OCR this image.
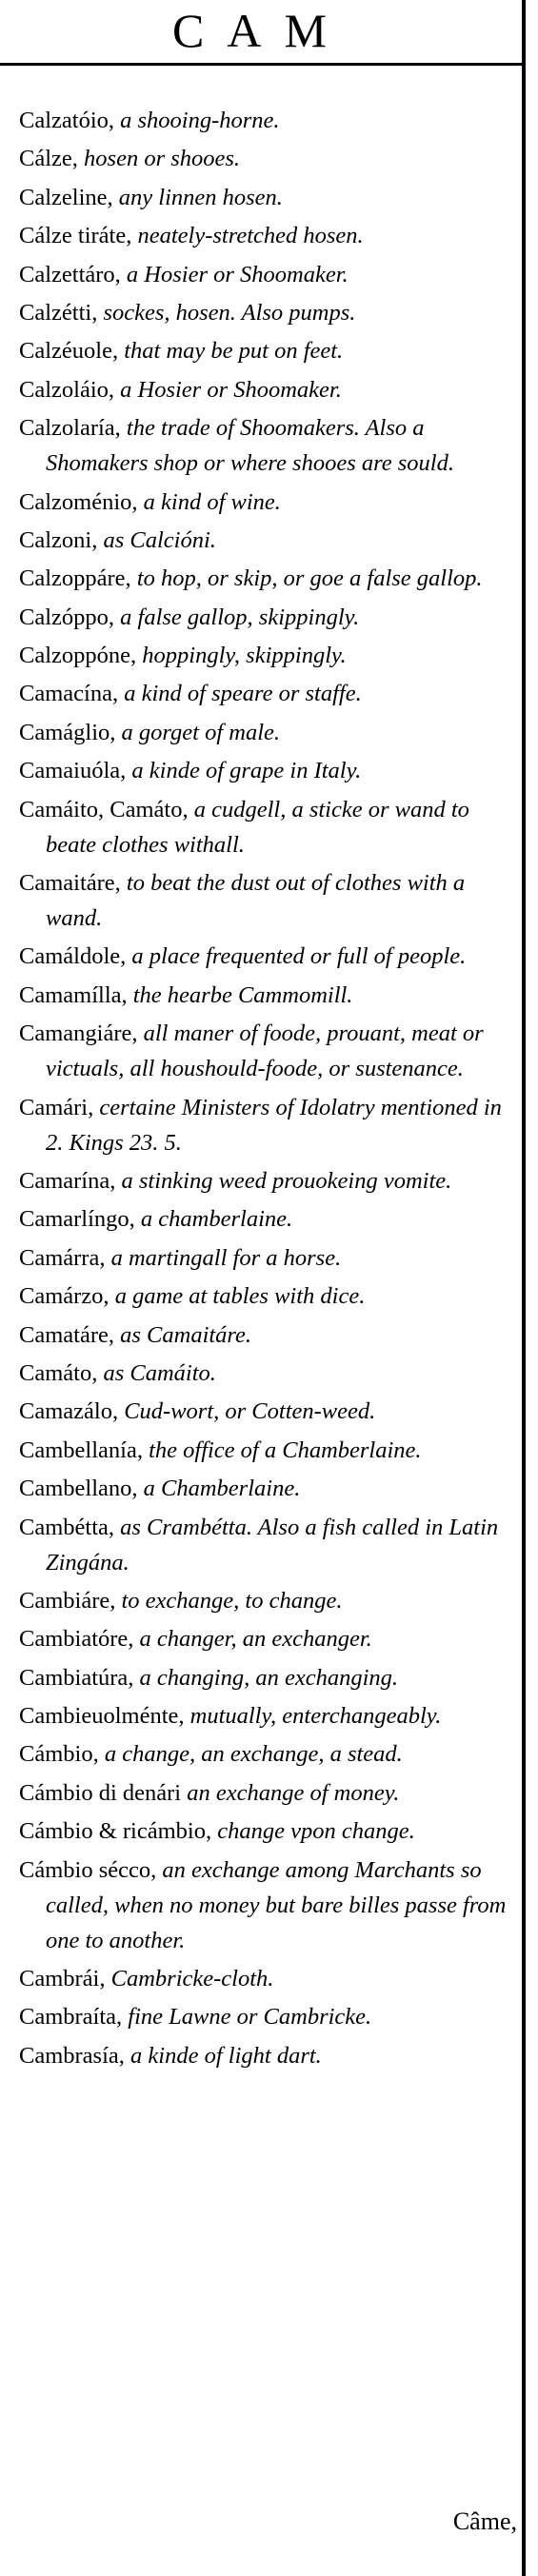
CAM

Calzatóio, a shooing-horne.

Cálze, hosen or shooes.

Calzeline, any linnen hosen.

Cálze tiráte, neately-stretched hosen.

Calzettáro, a Hosier or Shoomaker.

Calzétti, sockes, hosen. Also pumps.

Calzéuole, that may be put on feet.

Calzoláio, a Hosier or Shoomaker.

Calzolaría, the trade of Shoomakers. Also a Shomakers shop or where shooes are sould.

Calzoménio, a kind of wine.

Calzoni, as Calcióni.

Calzoppáre, to hop, or skip, or goe a false gallop.

Calzóppo, a false gallop, skippingly.

Calzoppóne, hoppingly, skippingly.

Camacína, a kind of speare or staffe.

Camáglio, a gorget of male.

Camaiuóla, a kinde of grape in Italy.

Camáito, Camáto, a cudgell, a sticke or wand to beate clothes withall.

Camaitáre, to beat the dust out of clothes with a wand.

Camáldole, a place frequented or full of people.

Camamílla, the hearbe Cammomill.

Camangiáre, all maner of foode, prouant, meat or victuals, all houshould-foode, or sustenance.

Camári, certaine Ministers of Idolatry mentioned in 2. Kings 23. 5.

Camarína, a stinking weed prouokeing vomite.

Camarlíngo, a chamberlaine.

Camárra, a martingall for a horse.

Camárzo, a game at tables with dice.

Camatáre, as Camaitáre.

Camáto, as Camáito.

Camazálo, Cud-wort, or Cotten-weed.

Cambellanía, the office of a Chamberlaine.

Cambellano, a Chamberlaine.

Cambétta, as Crambétta. Also a fish called in Latin Zingána.

Cambiáre, to exchange, to change.

Cambiatóre, a changer, an exchanger.

Cambiatúra, a changing, an exchanging.

Cambieuolménte, mutually, enterchangeably.

Cámbio, a change, an exchange, a stead.

Cámbio di denári an exchange of money.

Cámbio & ricámbio, change vpon change.

Cámbio sécco, an exchange among Marchants so called, when no money but bare billes passe from one to another.

Cambrái, Cambricke-cloth.

Cambraíta, fine Lawne or Cambricke.

Cambrasía, a kinde of light dart.

Câme,
